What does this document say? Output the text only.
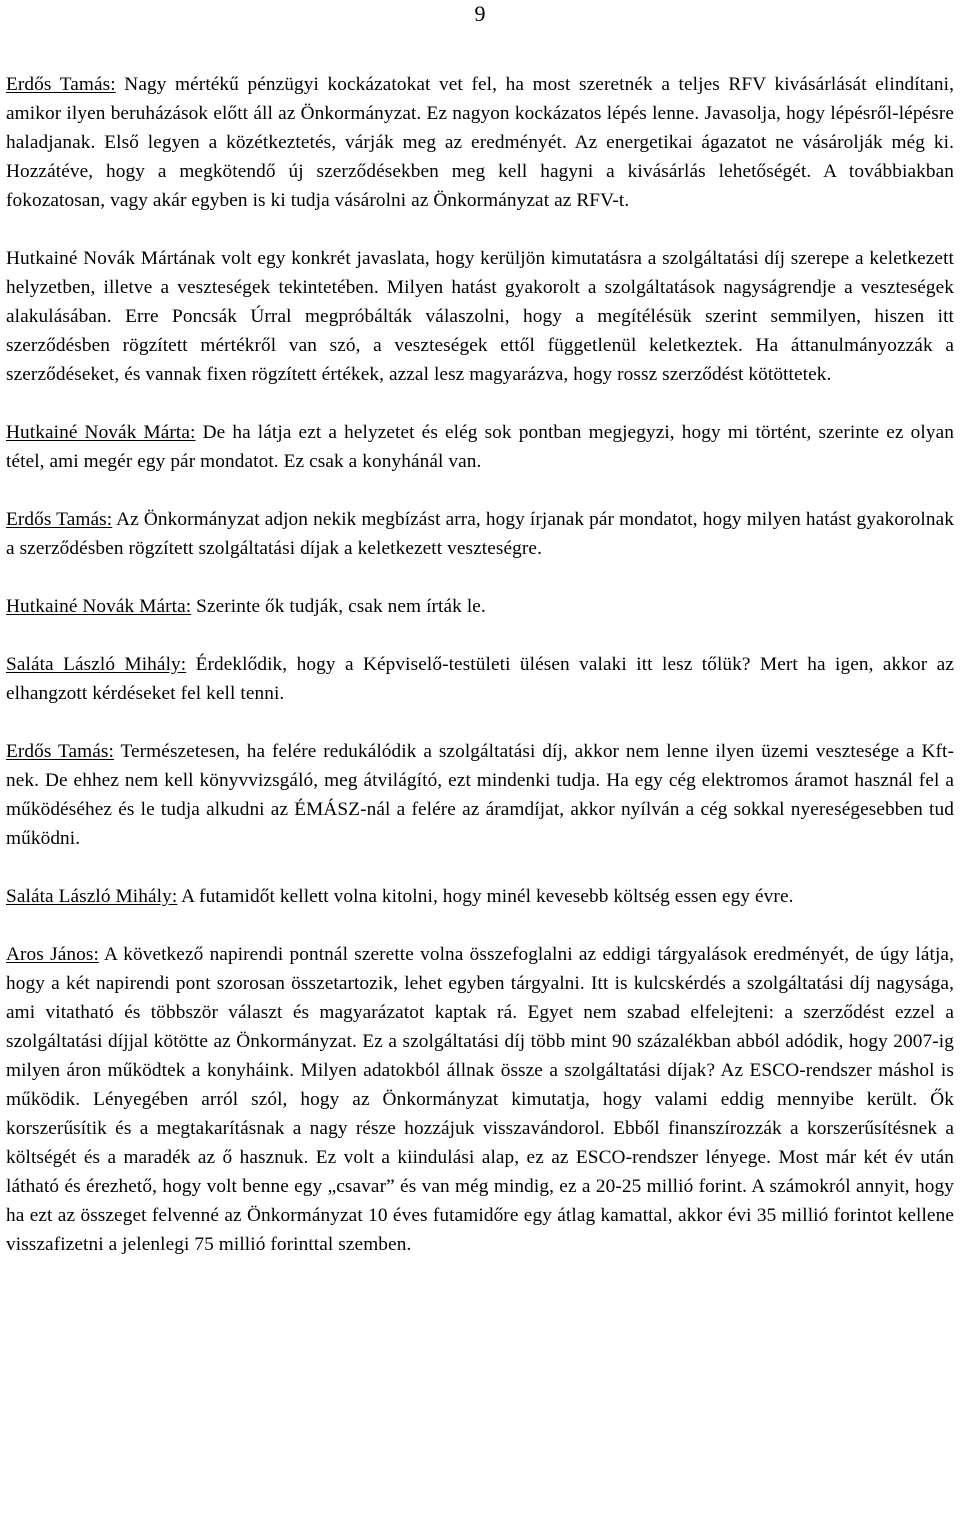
9

Erdős Tamás: Nagy mértékű pénzügyi kockázatokat vet fel, ha most szeretnék a teljes RFV kivásárlását elindítani, amikor ilyen beruházások előtt áll az Önkormányzat. Ez nagyon kockázatos lépés lenne. Javasolja, hogy lépésről-lépésre haladjanak. Első legyen a közétkeztetés, várják meg az eredményét. Az energetikai ágazatot ne vásárolják még ki. Hozzátéve, hogy a megkötendő új szerződésekben meg kell hagyni a kivásárlás lehetőségét. A továbbiakban fokozatosan, vagy akár egyben is ki tudja vásárolni az Önkormányzat az RFV-t.

Hutkainé Novák Mártának volt egy konkrét javaslata, hogy kerüljön kimutatásra a szolgáltatási díj szerepe a keletkezett helyzetben, illetve a veszteségek tekintetében. Milyen hatást gyakorolt a szolgáltatások nagyságrendje a veszteségek alakulásában. Erre Poncsák Úrral megpróbálták válaszolni, hogy a megítélésük szerint semmilyen, hiszen itt szerződésben rögzített mértékről van szó, a veszteségek ettől függetlenül keletkeztek. Ha áttanulmányozzák a szerződéseket, és vannak fixen rögzített értékek, azzal lesz magyarázva, hogy rossz szerződést kötöttetek.

Hutkainé Novák Márta: De ha látja ezt a helyzetet és elég sok pontban megjegyzi, hogy mi történt, szerinte ez olyan tétel, ami megér egy pár mondatot. Ez csak a konyhánál van.

Erdős Tamás: Az Önkormányzat adjon nekik megbízást arra, hogy írjanak pár mondatot, hogy milyen hatást gyakorolnak a szerződésben rögzített szolgáltatási díjak a keletkezett veszteségre.

Hutkainé Novák Márta: Szerinte ők tudják, csak nem írták le.

Saláta László Mihály: Érdeklődik, hogy a Képviselő-testületi ülésen valaki itt lesz tőlük? Mert ha igen, akkor az elhangzott kérdéseket fel kell tenni.

Erdős Tamás: Természetesen, ha felére redukálódik a szolgáltatási díj, akkor nem lenne ilyen üzemi vesztesége a Kft-nek. De ehhez nem kell könyvvizsgáló, meg átvilágító, ezt mindenki tudja. Ha egy cég elektromos áramot használ fel a működéséhez és le tudja alkudni az ÉMÁSZ-nál a felére az áramdíjat, akkor nyílván a cég sokkal nyereségesebben tud működni.

Saláta László Mihály: A futamidőt kellett volna kitolni, hogy minél kevesebb költség essen egy évre.

Aros János: A következő napirendi pontnál szerette volna összefoglalni az eddigi tárgyalások eredményét, de úgy látja, hogy a két napirendi pont szorosan összetartozik, lehet egyben tárgyalni. Itt is kulcskérdés a szolgáltatási díj nagysága, ami vitatható és többször választ és magyarázatot kaptak rá. Egyet nem szabad elfelejteni: a szerződést ezzel a szolgáltatási díjjal kötötte az Önkormányzat. Ez a szolgáltatási díj több mint 90 százalékban abból adódik, hogy 2007-ig milyen áron működtek a konyháink. Milyen adatokból állnak össze a szolgáltatási díjak? Az ESCO-rendszer máshol is működik. Lényegében arról szól, hogy az Önkormányzat kimutatja, hogy valami eddig mennyibe került. Ők korszerűsítik és a megtakarításnak a nagy része hozzájuk visszavándorol. Ebből finanszírozzák a korszerűsítésnek a költségét és a maradék az ő hasznuk. Ez volt a kiindulási alap, ez az ESCO-rendszer lényege. Most már két év után látható és érezhető, hogy volt benne egy „csavar” és van még mindig, ez a 20-25 millió forint. A számokról annyit, hogy ha ezt az összeget felvenné az Önkormányzat 10 éves futamidőre egy átlag kamattal, akkor évi 35 millió forintot kellene visszafizetni a jelenlegi 75 millió forinttal szemben.
